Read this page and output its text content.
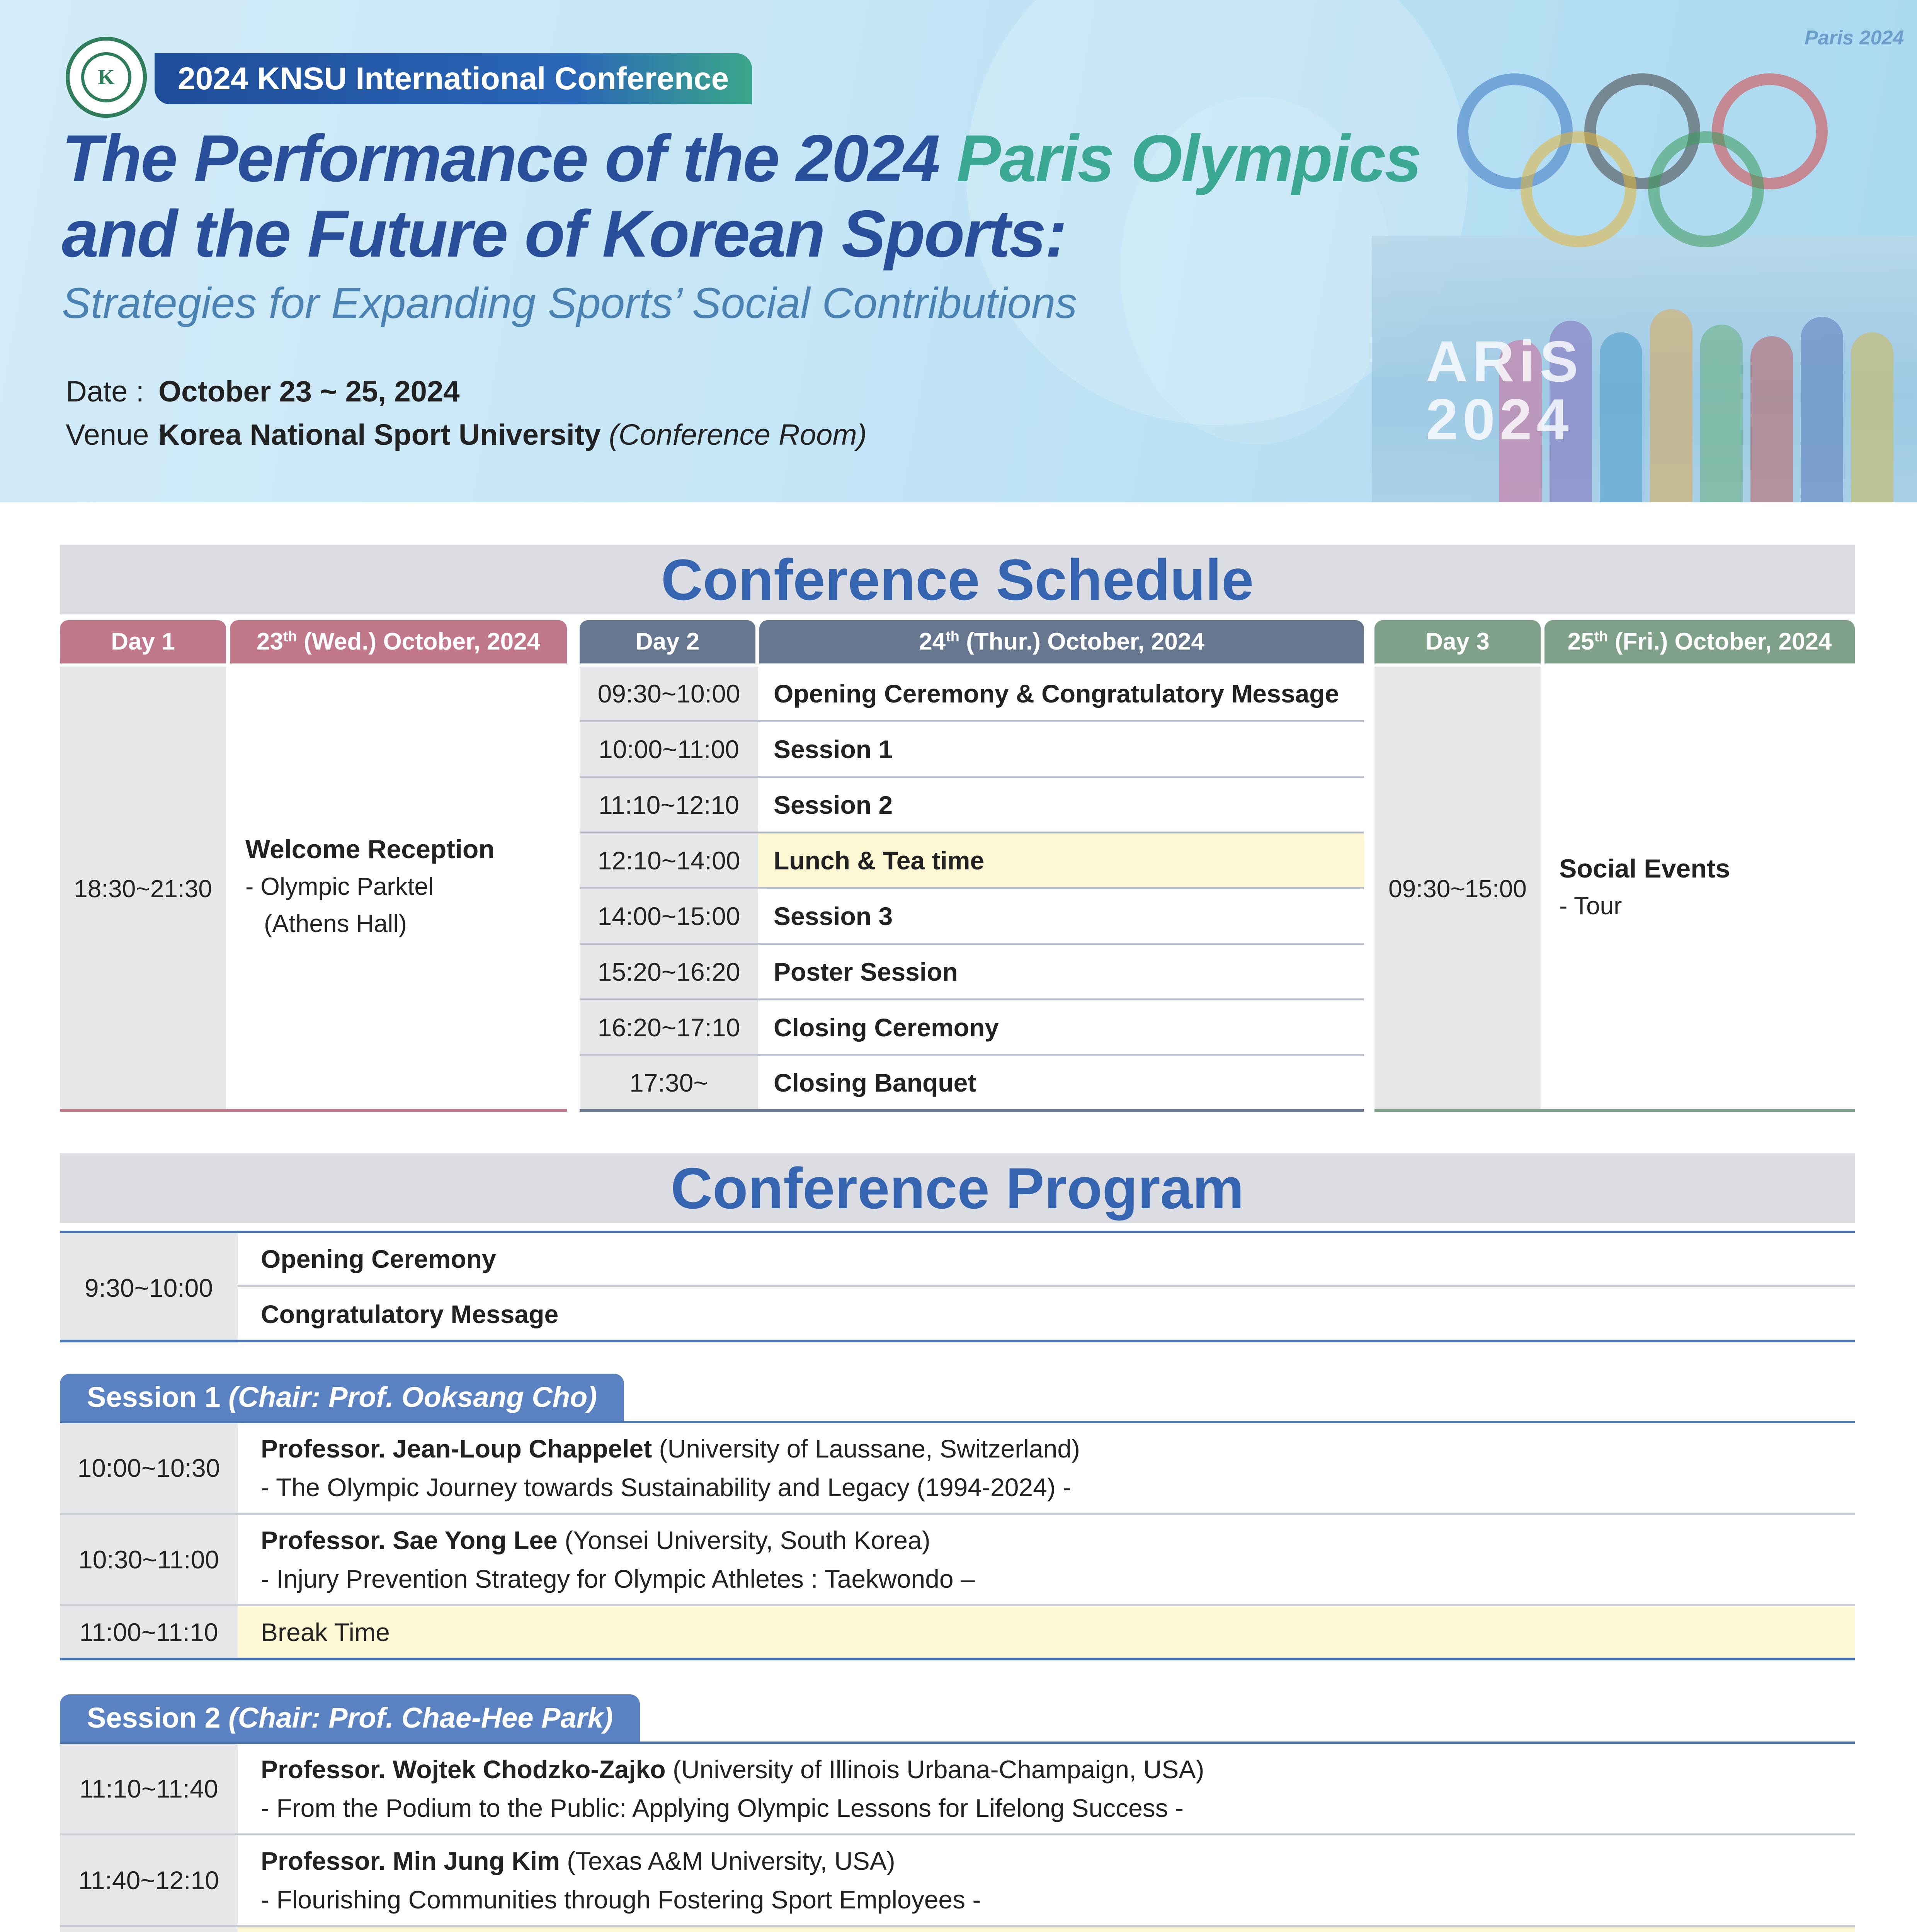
K	2024 KNSU International Conference
The Performance of the 2024 Paris Olympics
and the Future of Korean Sports:
Strategies for Expanding Sports’ Social Contributions
Date : October 23 ~ 25, 2024
Venue :Korea National Sport University (Conference Room)
ARiS
2024
Paris 2024
Conference Schedule
Day 1	23th (Wed.) October, 2024
18:30~21:30
Welcome Reception
- Olympic Parktel
(Athens Hall)
Day 2	24th (Thur.) October, 2024
09:30~10:00	Opening Ceremony & Congratulatory Message
10:00~11:00	Session 1
11:10~12:10	Session 2
12:10~14:00	Lunch & Tea time
14:00~15:00	Session 3
15:20~16:20	Poster Session
16:20~17:10	Closing Ceremony
17:30~	Closing Banquet
Day 3	25th (Fri.) October, 2024
09:30~15:00
Social Events
- Tour
Conference Program
9:30~10:00
Opening Ceremony
Congratulatory Message
Session 1 (Chair: Prof. Ooksang Cho)
10:00~10:30
Professor. Jean-Loup Chappelet (University of Laussane, Switzerland)
- The Olympic Journey towards Sustainability and Legacy (1994-2024) -
10:30~11:00
Professor. Sae Yong Lee (Yonsei University, South Korea)
- Injury Prevention Strategy for Olympic Athletes : Taekwondo –
11:00~11:10	Break Time
Session 2 (Chair: Prof. Chae-Hee Park)
11:10~11:40
Professor. Wojtek Chodzko-Zajko (University of Illinois Urbana-Champaign, USA)
- From the Podium to the Public: Applying Olympic Lessons for Lifelong Success -
11:40~12:10
Professor. Min Jung Kim (Texas A&M University, USA)
- Flourishing Communities through Fostering Sport Employees -
